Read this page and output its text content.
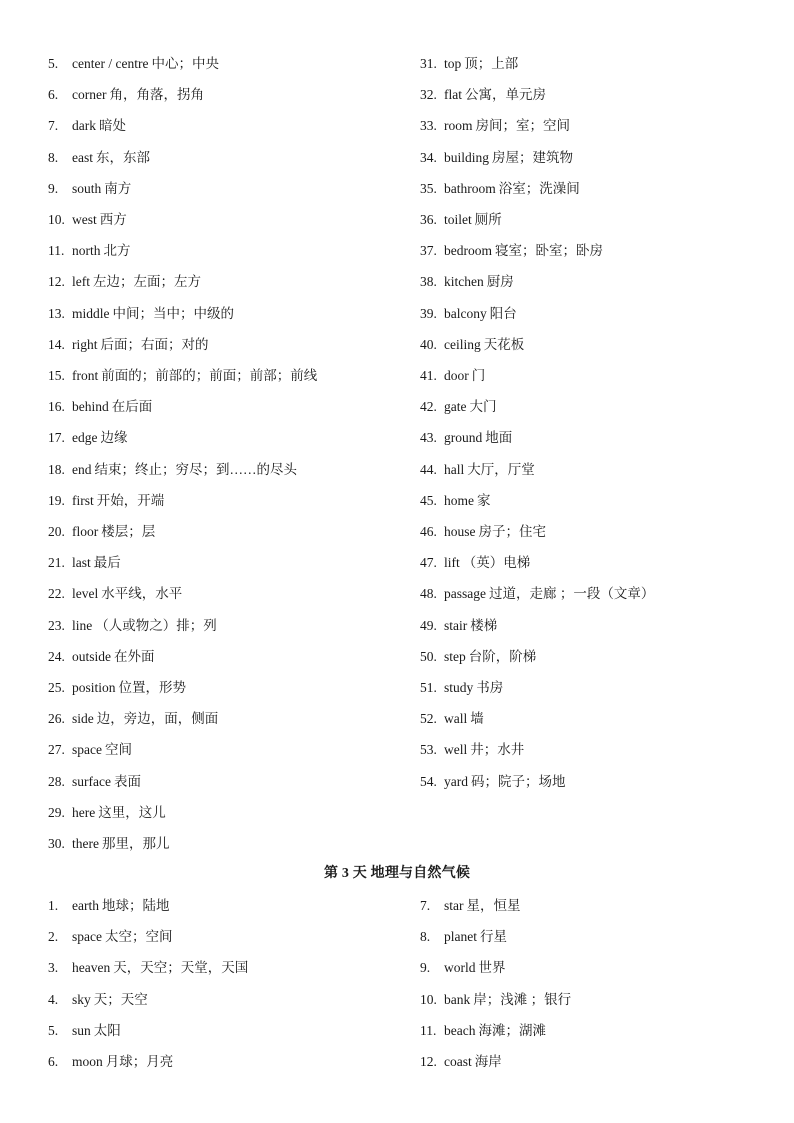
5. center / centre 中心；中央
6. corner 角，角落，拐角
7. dark 暗处
8. east 东，东部
9. south 南方
10. west 西方
11. north 北方
12. left 左边；左面；左方
13. middle 中间；当中；中级的
14. right 后面；右面；对的
15. front 前面的；前部的；前面；前部；前线
16. behind 在后面
17. edge 边缘
18. end 结束；终止；穷尽；到……的尽头
19. first 开始，开端
20. floor 楼层；层
21. last 最后
22. level 水平线，水平
23. line （人或物之）排；列
24. outside 在外面
25. position 位置，形势
26. side 边，旁边，面，侧面
27. space 空间
28. surface 表面
29. here 这里，这儿
30. there 那里，那儿
31. top 顶；上部
32. flat 公寓，单元房
33. room 房间；室；空间
34. building 房屋；建筑物
35. bathroom 浴室；洗澡间
36. toilet 厕所
37. bedroom 寝室；卧室；卧房
38. kitchen 厨房
39. balcony 阳台
40. ceiling 天花板
41. door 门
42. gate 大门
43. ground 地面
44. hall 大厅，厅堂
45. home 家
46. house 房子；住宅
47. lift （英）电梯
48. passage 过道，走廊 ；一段（文章）
49. stair 楼梯
50. step 台阶，阶梯
51. study 书房
52. wall 墙
53. well 井；水井
54. yard 码；院子；场地
第 3 天 地理与自然气候
1. earth 地球；陆地
2. space 太空；空间
3. heaven 天，天空；天堂，天国
4. sky 天；天空
5. sun 太阳
6. moon 月球；月亮
7. star 星，恒星
8. planet 行星
9. world 世界
10. bank 岸；浅滩 ；银行
11. beach 海滩；湖滩
12. coast 海岸
